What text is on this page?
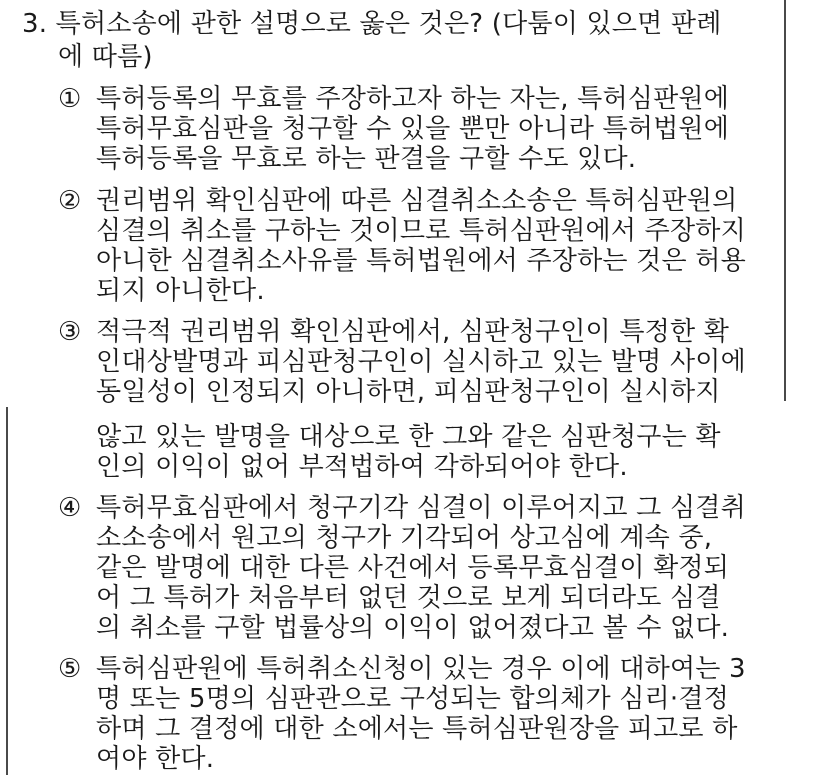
3. 특허소송에 관한 설명으로 옳은 것은? (다툼이 있으면 판례
에 따름)
① 특허등록의 무효를 주장하고자 하는 자는, 특허심판원에
특허무효심판을 청구할 수 있을 뿐만 아니라 특허법원에
특허등록을 무효로 하는 판결을 구할 수도 있다.
② 권리범위 확인심판에 따른 심결취소소송은 특허심판원의
심결의 취소를 구하는 것이므로 특허심판원에서 주장하지
아니한 심결취소사유를 특허법원에서 주장하는 것은 허용
되지 아니한다.
③ 적극적 권리범위 확인심판에서, 심판청구인이 특정한 확
인대상발명과 피심판청구인이 실시하고 있는 발명 사이에
동일성이 인정되지 아니하면, 피심판청구인이 실시하지
않고 있는 발명을 대상으로 한 그와 같은 심판청구는 확
인의 이익이 없어 부적법하여 각하되어야 한다.
④ 특허무효심판에서 청구기각 심결이 이루어지고 그 심결취
소소송에서 원고의 청구가 기각되어 상고심에 계속 중,
같은 발명에 대한 다른 사건에서 등록무효심결이 확정되
어 그 특허가 처음부터 없던 것으로 보게 되더라도 심결
의 취소를 구할 법률상의 이익이 없어졌다고 볼 수 없다.
⑤ 특허심판원에 특허취소신청이 있는 경우 이에 대하여는 3
명 또는 5명의 심판관으로 구성되는 합의체가 심리·결정
하며 그 결정에 대한 소에서는 특허심판원장을 피고로 하
여야 한다.
